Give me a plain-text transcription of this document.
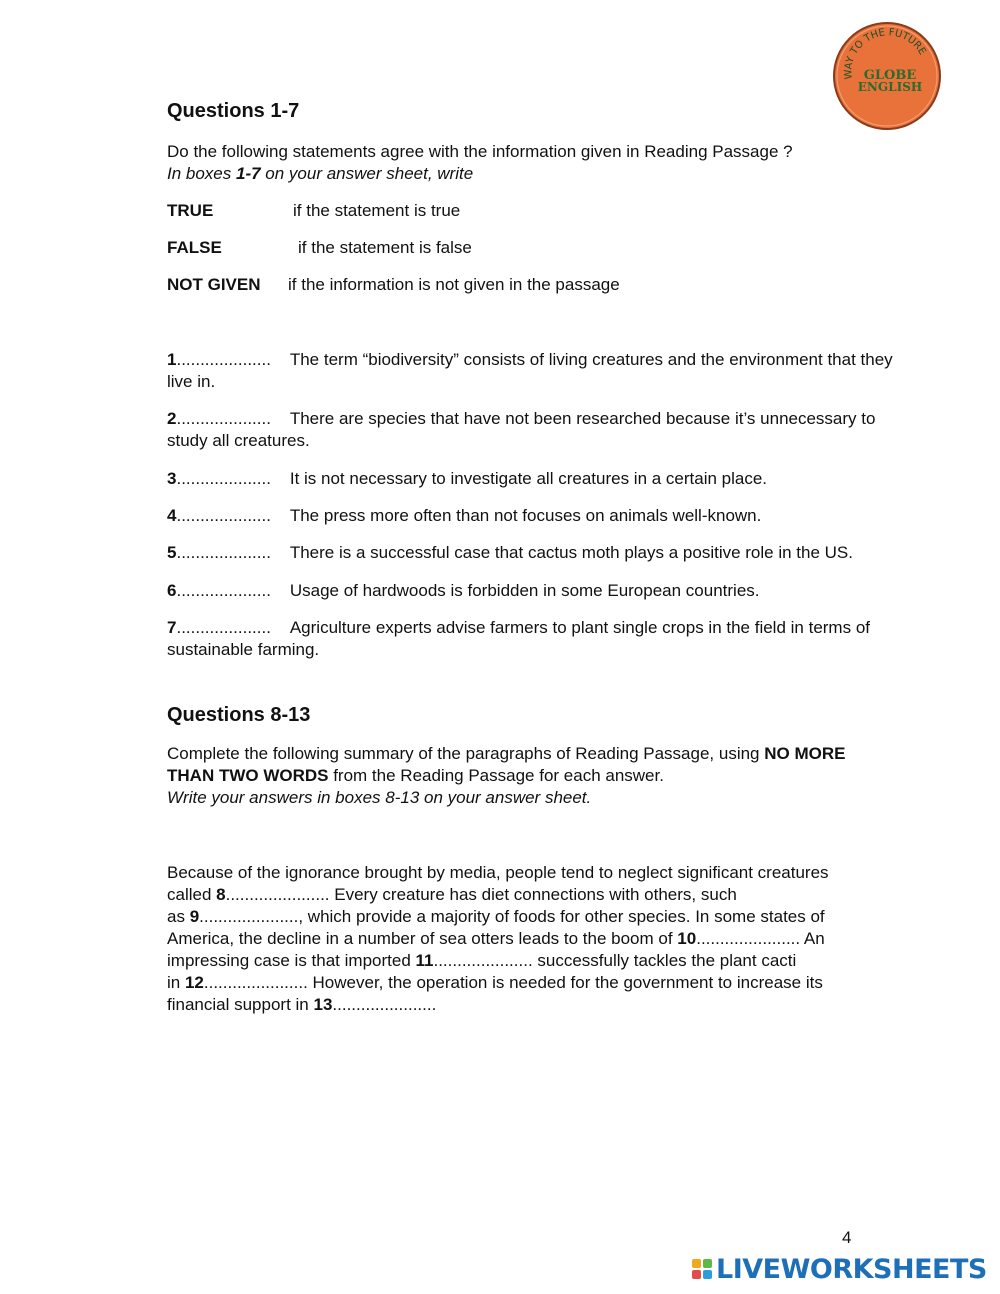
WAY TO THE FUTURE
GLOBE
ENGLISH
Questions 1-7
Do the following statements agree with the information given in Reading Passage ?
In boxes 1-7 on your answer sheet, write
TRUE	if the statement is true
FALSE	if the statement is false
NOT GIVEN if the information is not given in the passage
1.................... The term “biodiversity” consists of living creatures and the environment that they live in.
2.................... There are species that have not been researched because it’s unnecessary to study all creatures.
3.................... It is not necessary to investigate all creatures in a certain place.
4.................... The press more often than not focuses on animals well-known.
5.................... There is a successful case that cactus moth plays a positive role in the US.
6.................... Usage of hardwoods is forbidden in some European countries.
7.................... Agriculture experts advise farmers to plant single crops in the field in terms of sustainable farming.
Questions 8-13
Complete the following summary of the paragraphs of Reading Passage, using NO MORE
THAN TWO WORDS from the Reading Passage for each answer.
Write your answers in boxes 8-13 on your answer sheet.
Because of the ignorance brought by media, people tend to neglect significant creatures
called 8...................... Every creature has diet connections with others, such
as 9....................., which provide a majority of foods for other species. In some states of
America, the decline in a number of sea otters leads to the boom of 10...................... An
impressing case is that imported 11..................... successfully tackles the plant cacti
in 12...................... However, the operation is needed for the government to increase its
financial support in 13......................
4
LIVEWORKSHEETS
